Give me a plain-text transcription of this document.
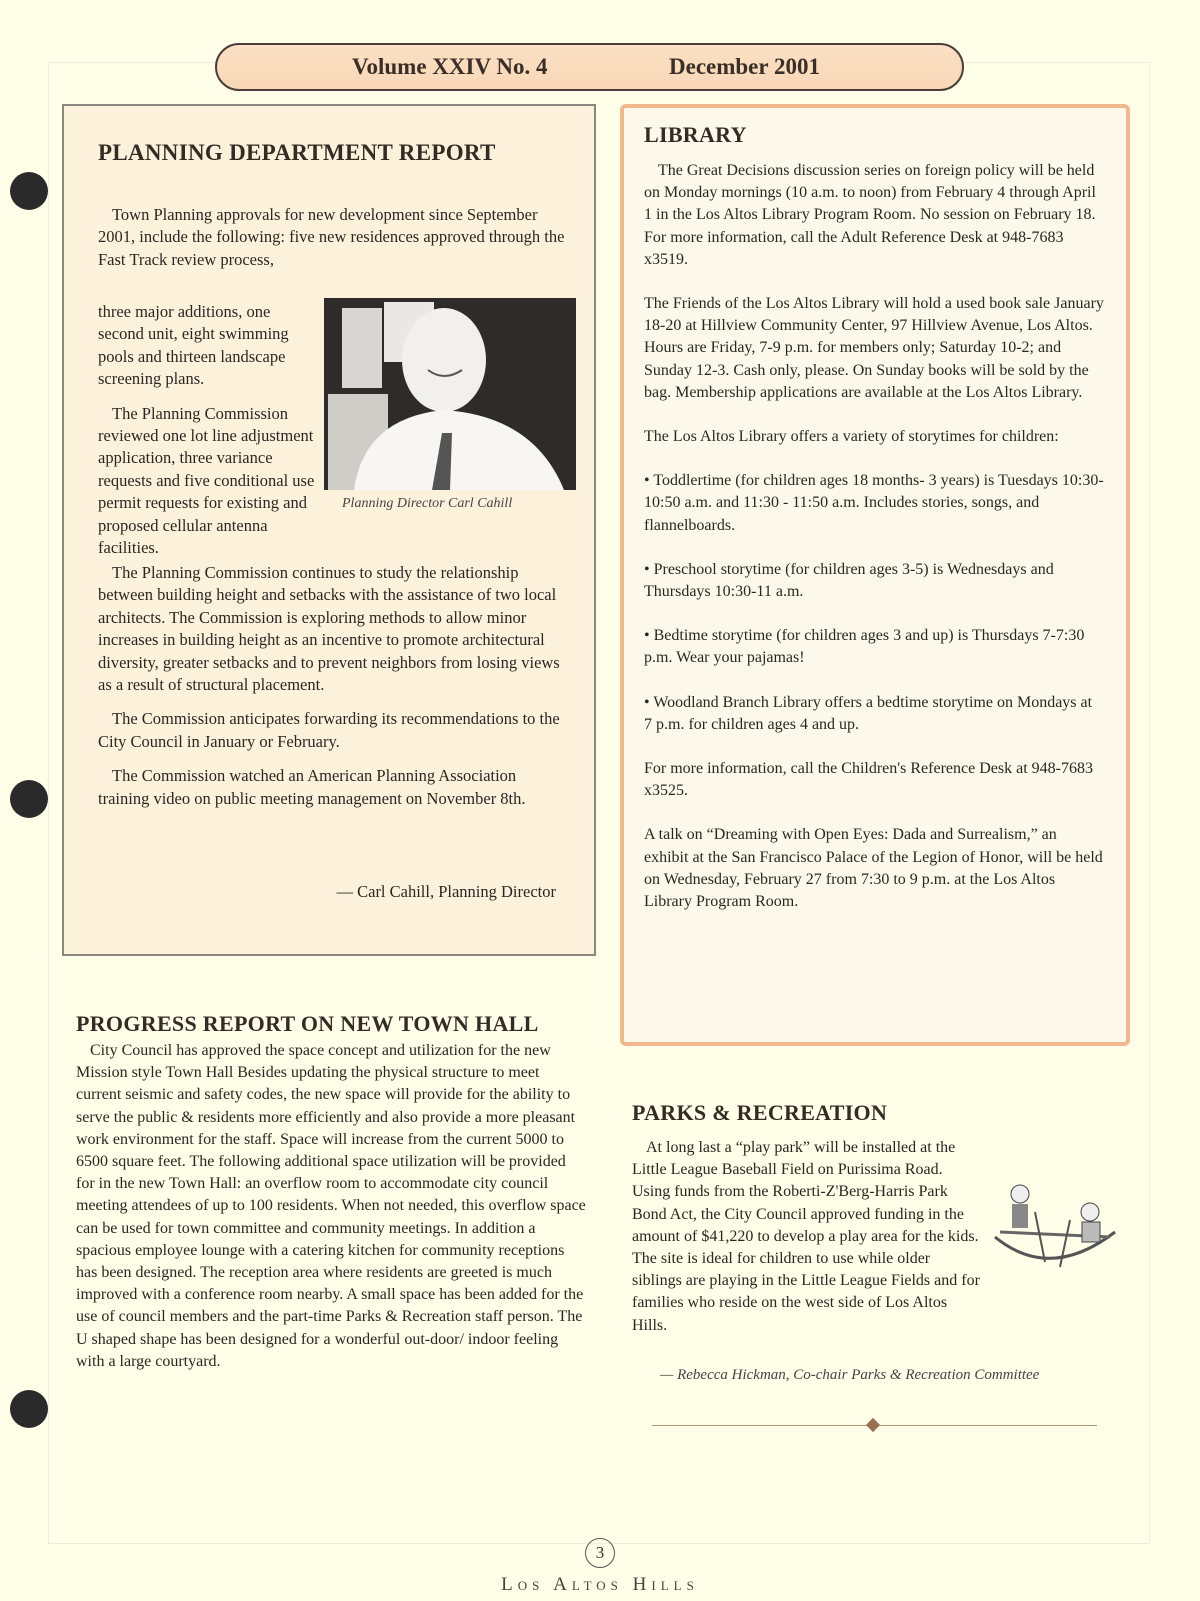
Volume XXIV No. 4	December 2001
PLANNING DEPARTMENT REPORT
Town Planning approvals for new development since September 2001, include the following: five new residences approved through the Fast Track review process,
three major additions, one second unit, eight swimming pools and thirteen landscape screening plans.
The Planning Commission reviewed one lot line adjustment application, three variance requests and five conditional use permit requests for existing and proposed cellular antenna facilities.
Planning Director Carl Cahill
The Planning Commission continues to study the relationship between building height and setbacks with the assistance of two local architects. The Commission is exploring methods to allow minor increases in building height as an incentive to promote architectural diversity, greater setbacks and to prevent neighbors from losing views as a result of structural placement.
The Commission anticipates forwarding its recommendations to the City Council in January or February.
The Commission watched an American Planning Association training video on public meeting management on November 8th.
— Carl Cahill, Planning Director
PROGRESS REPORT ON NEW TOWN HALL
City Council has approved the space concept and utilization for the new Mission style Town Hall Besides updating the physical structure to meet current seismic and safety codes, the new space will provide for the ability to serve the public & residents more efficiently and also provide a more pleasant work environment for the staff. Space will increase from the current 5000 to 6500 square feet. The following additional space utilization will be provided for in the new Town Hall: an overflow room to accommodate city council meeting attendees of up to 100 residents. When not needed, this overflow space can be used for town committee and community meetings. In addition a spacious employee lounge with a catering kitchen for community receptions has been designed. The reception area where residents are greeted is much improved with a conference room nearby. A small space has been added for the use of council members and the part-time Parks & Recreation staff person. The U shaped shape has been designed for a wonderful out-door/ indoor feeling with a large courtyard.
LIBRARY

The Great Decisions discussion series on foreign policy will be held on Monday mornings (10 a.m. to noon) from February 4 through April 1 in the Los Altos Library Program Room. No session on February 18. For more information, call the Adult Reference Desk at 948-7683 x3519.

The Friends of the Los Altos Library will hold a used book sale January 18-20 at Hillview Community Center, 97 Hillview Avenue, Los Altos. Hours are Friday, 7-9 p.m. for members only; Saturday 10-2; and Sunday 12-3. Cash only, please. On Sunday books will be sold by the bag. Membership applications are available at the Los Altos Library.

The Los Altos Library offers a variety of storytimes for children:

• Toddlertime (for children ages 18 months- 3 years) is Tuesdays 10:30-10:50 a.m. and 11:30 - 11:50 a.m. Includes stories, songs, and flannelboards.

• Preschool storytime (for children ages 3-5) is Wednesdays and Thursdays 10:30-11 a.m.

• Bedtime storytime (for children ages 3 and up) is Thursdays 7-7:30 p.m. Wear your pajamas!

• Woodland Branch Library offers a bedtime storytime on Mondays at 7 p.m. for children ages 4 and up.

For more information, call the Children's Reference Desk at 948-7683 x3525.

A talk on “Dreaming with Open Eyes: Dada and Surrealism,” an exhibit at the San Francisco Palace of the Legion of Honor, will be held on Wednesday, February 27 from 7:30 to 9 p.m. at the Los Altos Library Program Room.

PARKS & RECREATION
At long last a “play park” will be installed at the Little League Baseball Field on Purissima Road. Using funds from the Roberti-Z'Berg-Harris Park Bond Act, the City Council approved funding in the amount of $41,220 to develop a play area for the kids. The site is ideal for children to use while older siblings are playing in the Little League Fields and for families who reside on the west side of Los Altos Hills.
— Rebecca Hickman, Co-chair Parks & Recreation Committee
3
Los Altos Hills
